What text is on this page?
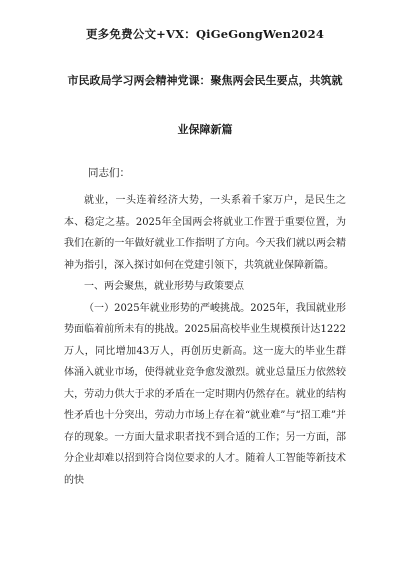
更多免费公文+VX：QiGeGongWen2024
市民政局学习两会精神党课：聚焦两会民生要点，共筑就
业保障新篇
同志们：

就业，一头连着经济大势，一头系着千家万户，是民生之本、稳定之基。2025年全国两会将就业工作置于重要位置，为我们在新的一年做好就业工作指明了方向。今天我们就以两会精神为指引，深入探讨如何在党建引领下，共筑就业保障新篇。

一、两会聚焦，就业形势与政策要点

（一）2025年就业形势的严峻挑战。2025年，我国就业形势面临着前所未有的挑战。2025届高校毕业生规模预计达1222万人，同比增加43万人，再创历史新高。这一庞大的毕业生群体涌入就业市场，使得就业竞争愈发激烈。就业总量压力依然较大，劳动力供大于求的矛盾在一定时期内仍然存在。就业的结构性矛盾也十分突出，劳动力市场上存在着“就业难”与“招工难”并存的现象。一方面大量求职者找不到合适的工作；另一方面，部分企业却难以招到符合岗位要求的人才。随着人工智能等新技术的快
